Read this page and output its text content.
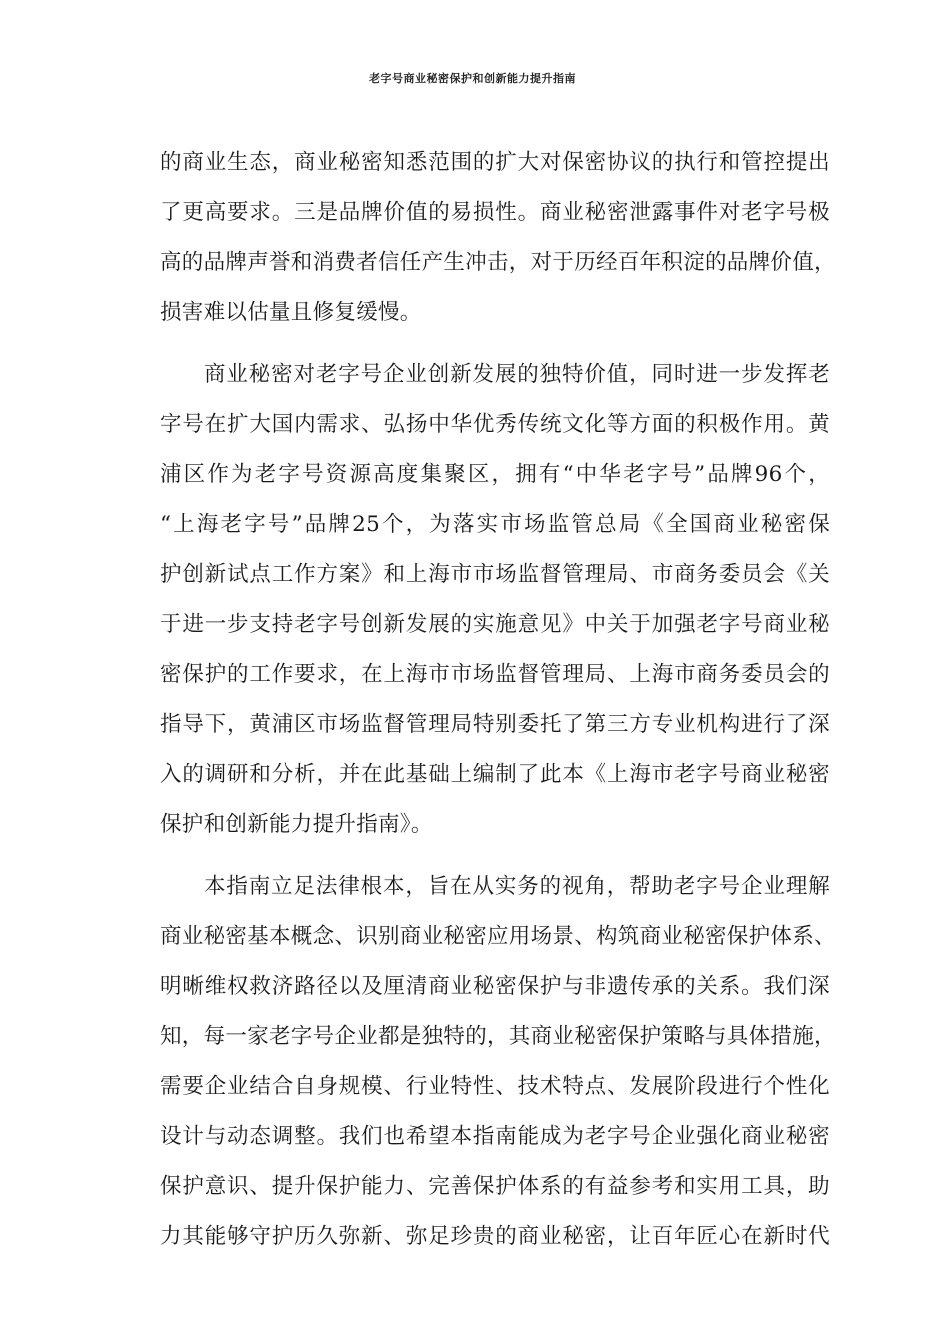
老字号商业秘密保护和创新能力提升指南
的商业生态，商业秘密知悉范围的扩大对保密协议的执行和管控提出
了更高要求。三是品牌价值的易损性。商业秘密泄露事件对老字号极
高的品牌声誉和消费者信任产生冲击，对于历经百年积淀的品牌价值，
损害难以估量且修复缓慢。
商业秘密对老字号企业创新发展的独特价值，同时进一步发挥老
字号在扩大国内需求、弘扬中华优秀传统文化等方面的积极作用。黄
浦区作为老字号资源高度集聚区，拥有“中华老字号”品牌96个，
“上海老字号”品牌25个，为落实市场监管总局《全国商业秘密保
护创新试点工作方案》和上海市市场监督管理局、市商务委员会《关
于进一步支持老字号创新发展的实施意见》中关于加强老字号商业秘
密保护的工作要求，在上海市市场监督管理局、上海市商务委员会的
指导下，黄浦区市场监督管理局特别委托了第三方专业机构进行了深
入的调研和分析，并在此基础上编制了此本《上海市老字号商业秘密
保护和创新能力提升指南》。
本指南立足法律根本，旨在从实务的视角，帮助老字号企业理解
商业秘密基本概念、识别商业秘密应用场景、构筑商业秘密保护体系、
明晰维权救济路径以及厘清商业秘密保护与非遗传承的关系。我们深
知，每一家老字号企业都是独特的，其商业秘密保护策略与具体措施，
需要企业结合自身规模、行业特性、技术特点、发展阶段进行个性化
设计与动态调整。我们也希望本指南能成为老字号企业强化商业秘密
保护意识、提升保护能力、完善保护体系的有益参考和实用工具，助
力其能够守护历久弥新、弥足珍贵的商业秘密，让百年匠心在新时代
